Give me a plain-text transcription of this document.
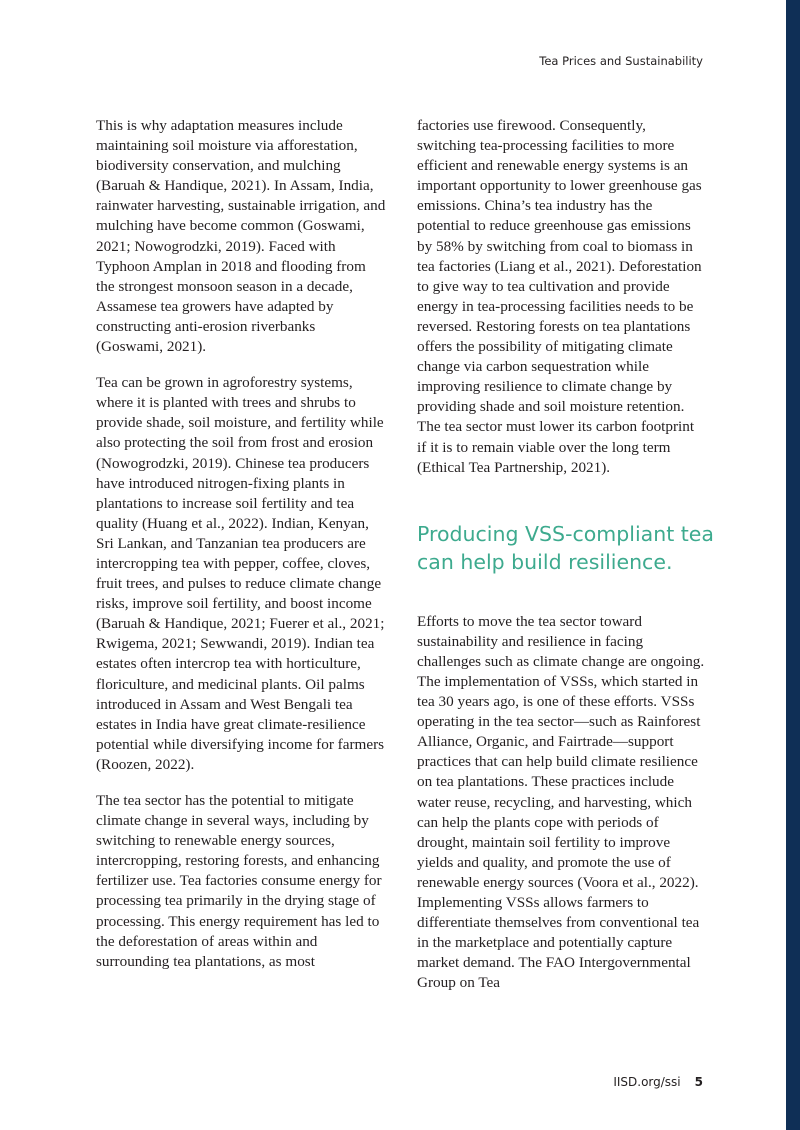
Tea Prices and Sustainability

This is why adaptation measures include maintaining soil moisture via afforestation, biodiversity conservation, and mulching (Baruah & Handique, 2021). In Assam, India, rainwater harvesting, sustainable irrigation, and mulching have become common (Goswami, 2021; Nowogrodzki, 2019). Faced with Typhoon Amplan in 2018 and flooding from the strongest monsoon season in a decade, Assamese tea growers have adapted by constructing anti-erosion riverbanks (Goswami, 2021).

Tea can be grown in agroforestry systems, where it is planted with trees and shrubs to provide shade, soil moisture, and fertility while also protecting the soil from frost and erosion (Nowogrodzki, 2019). Chinese tea producers have introduced nitrogen-fixing plants in plantations to increase soil fertility and tea quality (Huang et al., 2022). Indian, Kenyan, Sri Lankan, and Tanzanian tea producers are intercropping tea with pepper, coffee, cloves, fruit trees, and pulses to reduce climate change risks, improve soil fertility, and boost income (Baruah & Handique, 2021; Fuerer et al., 2021; Rwigema, 2021; Sewwandi, 2019). Indian tea estates often intercrop tea with horticulture, floriculture, and medicinal plants. Oil palms introduced in Assam and West Bengali tea estates in India have great climate-resilience potential while diversifying income for farmers (Roozen, 2022).

The tea sector has the potential to mitigate climate change in several ways, including by switching to renewable energy sources, intercropping, restoring forests, and enhancing fertilizer use. Tea factories consume energy for processing tea primarily in the drying stage of processing. This energy requirement has led to the deforestation of areas within and surrounding tea plantations, as most

factories use firewood. Consequently, switching tea-processing facilities to more efficient and renewable energy systems is an important opportunity to lower greenhouse gas emissions. China’s tea industry has the potential to reduce greenhouse gas emissions by 58% by switching from coal to biomass in tea factories (Liang et al., 2021). Deforestation to give way to tea cultivation and provide energy in tea-processing facilities needs to be reversed. Restoring forests on tea plantations offers the possibility of mitigating climate change via carbon sequestration while improving resilience to climate change by providing shade and soil moisture retention. The tea sector must lower its carbon footprint if it is to remain viable over the long term (Ethical Tea Partnership, 2021).

Producing VSS-compliant tea can help build resilience.

Efforts to move the tea sector toward sustainability and resilience in facing challenges such as climate change are ongoing. The implementation of VSSs, which started in tea 30 years ago, is one of these efforts. VSSs operating in the tea sector—such as Rainforest Alliance, Organic, and Fairtrade—support practices that can help build climate resilience on tea plantations. These practices include water reuse, recycling, and harvesting, which can help the plants cope with periods of drought, maintain soil fertility to improve yields and quality, and promote the use of renewable energy sources (Voora et al., 2022). Implementing VSSs allows farmers to differentiate themselves from conventional tea in the marketplace and potentially capture market demand. The FAO Intergovernmental Group on Tea

IISD.org/ssi 5
